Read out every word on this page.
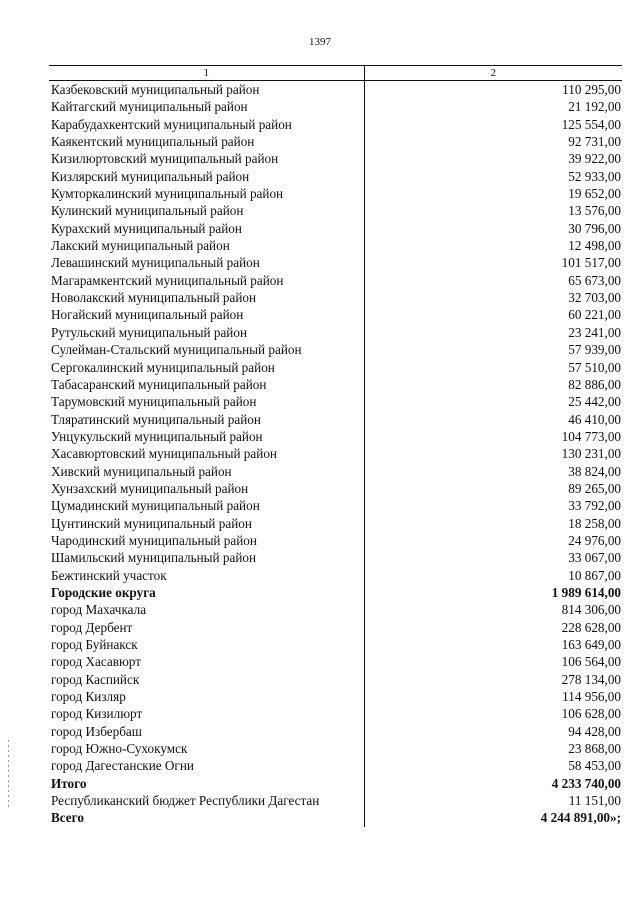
1397
1	2
Казбековский муниципальный район	110 295,00
Кайтагский муниципальный район	21 192,00
Карабудахкентский муниципальный район	125 554,00
Каякентский муниципальный район	92 731,00
Кизилюртовский муниципальный район	39 922,00
Кизлярский муниципальный район	52 933,00
Кумторкалинский муниципальный район	19 652,00
Кулинский муниципальный район	13 576,00
Курахский муниципальный район	30 796,00
Лакский муниципальный район	12 498,00
Левашинский муниципальный район	101 517,00
Магарамкентский муниципальный район	65 673,00
Новолакский муниципальный район	32 703,00
Ногайский муниципальный район	60 221,00
Рутульский муниципальный район	23 241,00
Сулейман-Стальский муниципальный район	57 939,00
Сергокалинский муниципальный район	57 510,00
Табасаранский муниципальный район	82 886,00
Тарумовский муниципальный район	25 442,00
Тляратинский муниципальный район	46 410,00
Унцукульский муниципальный район	104 773,00
Хасавюртовский муниципальный район	130 231,00
Хивский муниципальный район	38 824,00
Хунзахский муниципальный район	89 265,00
Цумадинский муниципальный район	33 792,00
Цунтинский муниципальный район	18 258,00
Чародинский муниципальный район	24 976,00
Шамильский муниципальный район	33 067,00
Бежтинский участок	10 867,00
Городские округа	1 989 614,00
город Махачкала	814 306,00
город Дербент	228 628,00
город Буйнакск	163 649,00
город Хасавюрт	106 564,00
город Каспийск	278 134,00
город Кизляр	114 956,00
город Кизилюрт	106 628,00
город Избербаш	94 428,00
город Южно-Сухокумск	23 868,00
город Дагестанские Огни	58 453,00
Итого	4 233 740,00
Республиканский бюджет Республики Дагестан	11 151,00
Всего	4 244 891,00»;
